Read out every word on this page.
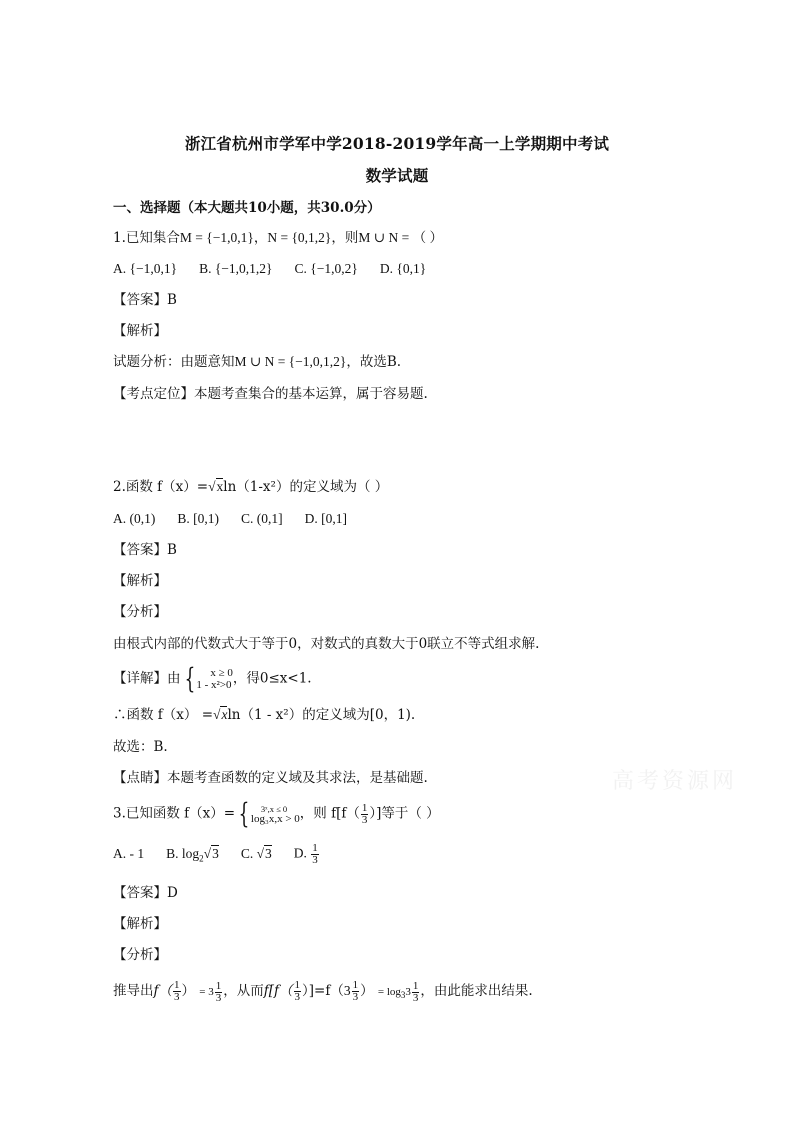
浙江省杭州市学军中学2018-2019学年高一上学期期中考试
数学试题
一、选择题（本大题共10小题，共30.0分）
1.已知集合M = {−1,0,1}，N = {0,1,2}，则M ∪ N = （ ）
A. {−1,0,1} B. {−1,0,1,2} C. {−1,0,2} D. {0,1}
【答案】B
【解析】
试题分析：由题意知M ∪ N = {−1,0,1,2}，故选B.
【考点定位】本题考查集合的基本运算，属于容易题.
2.函数 f（x）=√xln（1-x²）的定义域为（ ）
A. (0,1) B. [0,1) C. (0,1] D. [0,1]
【答案】B
【解析】
【分析】
由根式内部的代数式大于等于0，对数式的真数大于0联立不等式组求解.
【详解】由 {	x ≥ 0
1 - x²>0 ，得0≤x<1.
∴函数 f（x） =√xln（1 - x²）的定义域为[0，1).
故选：B.
【点睛】本题考查函数的定义域及其求法，是基础题.
3.已知函数 f（x）= {	3ˣ,x ≤ 0
log₃x,x > 0 ，则 $f[f( \frac{1}{3}$ ）]等于（ ）
A. - 1 B. $\log_2√3$ C. √3 D. $\frac{1}{3}$
【答案】D
【解析】
【分析】
推导出$f( \frac{1}{3}$ ） = $3 \frac{1}{3}$ ，从而$f[f( \frac{1}{3} )]=f(3 \frac{1}{3}$ ） = $\log_33 \frac{1}{3}$ ，由此能求出结果.
高考资源网
